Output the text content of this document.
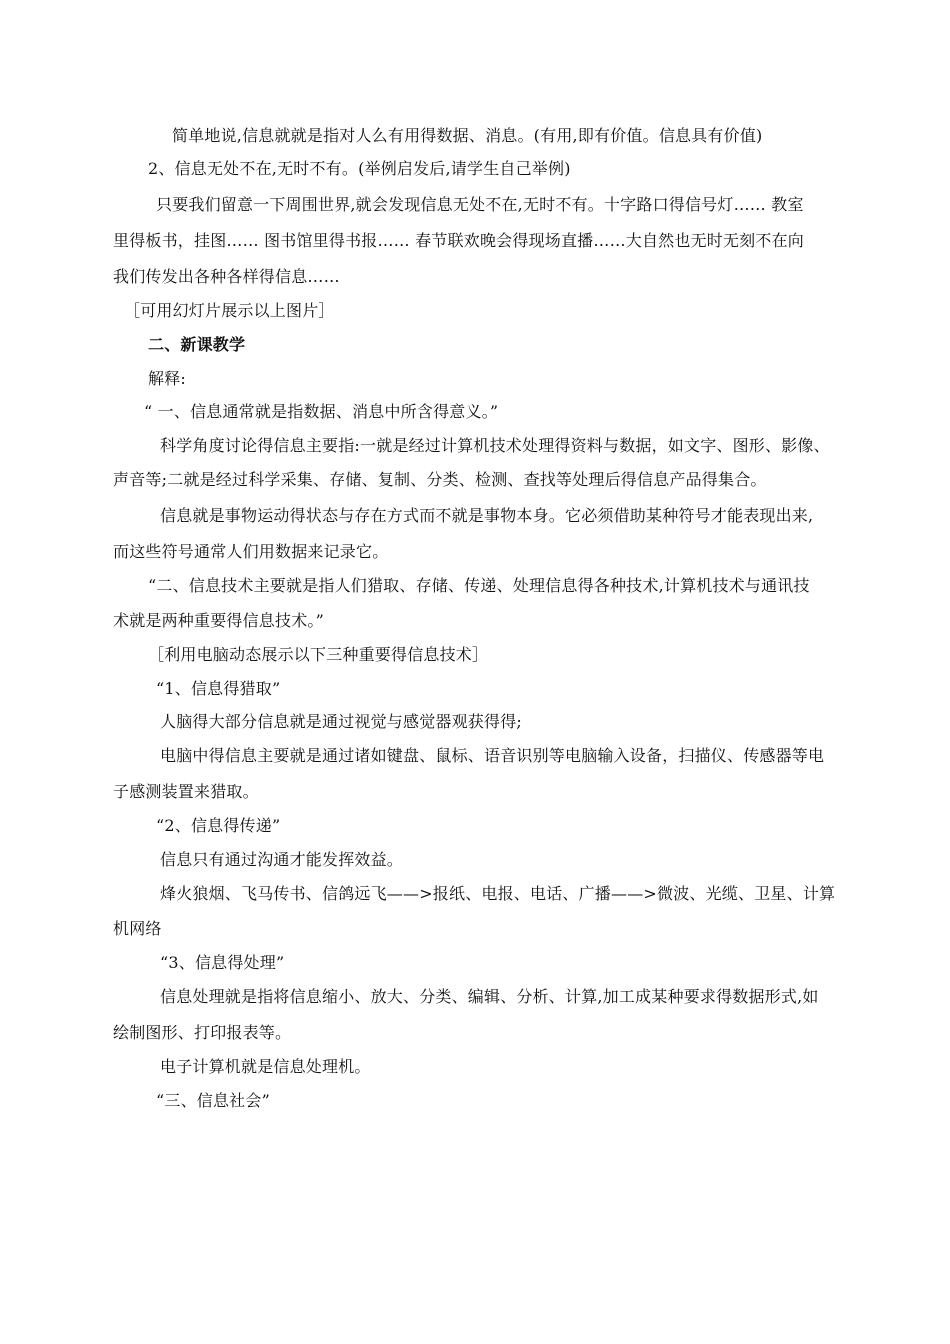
简单地说,信息就就是指对人么有用得数据、消息。(有用,即有价值。信息具有价值)
2、信息无处不在,无时不有。(举例启发后,请学生自己举例)
只要我们留意一下周围世界,就会发现信息无处不在,无时不有。十字路口得信号灯…… 教室
里得板书，挂图…… 图书馆里得书报…… 春节联欢晚会得现场直播……大自然也无时无刻不在向
我们传发出各种各样得信息……
［可用幻灯片展示以上图片］
二、新课教学
解释:
“ 一、信息通常就是指数据、消息中所含得意义。”
科学角度讨论得信息主要指:一就是经过计算机技术处理得资料与数据，如文字、图形、影像、
声音等;二就是经过科学采集、存储、复制、分类、检测、查找等处理后得信息产品得集合。
信息就是事物运动得状态与存在方式而不就是事物本身。它必须借助某种符号才能表现出来,
而这些符号通常人们用数据来记录它。
“二、信息技术主要就是指人们猎取、存储、传递、处理信息得各种技术,计算机技术与通讯技
术就是两种重要得信息技术。”
［利用电脑动态展示以下三种重要得信息技术］
“1、信息得猎取”
人脑得大部分信息就是通过视觉与感觉器观获得得;
电脑中得信息主要就是通过诸如键盘、鼠标、语音识别等电脑输入设备，扫描仪、传感器等电
子感测装置来猎取。
“2、信息得传递”
信息只有通过沟通才能发挥效益。
烽火狼烟、飞马传书、信鸽远飞——>报纸、电报、电话、广播——>微波、光缆、卫星、计算
机网络
“3、信息得处理”
信息处理就是指将信息缩小、放大、分类、编辑、分析、计算,加工成某种要求得数据形式,如
绘制图形、打印报表等。
电子计算机就是信息处理机。
“三、信息社会”
